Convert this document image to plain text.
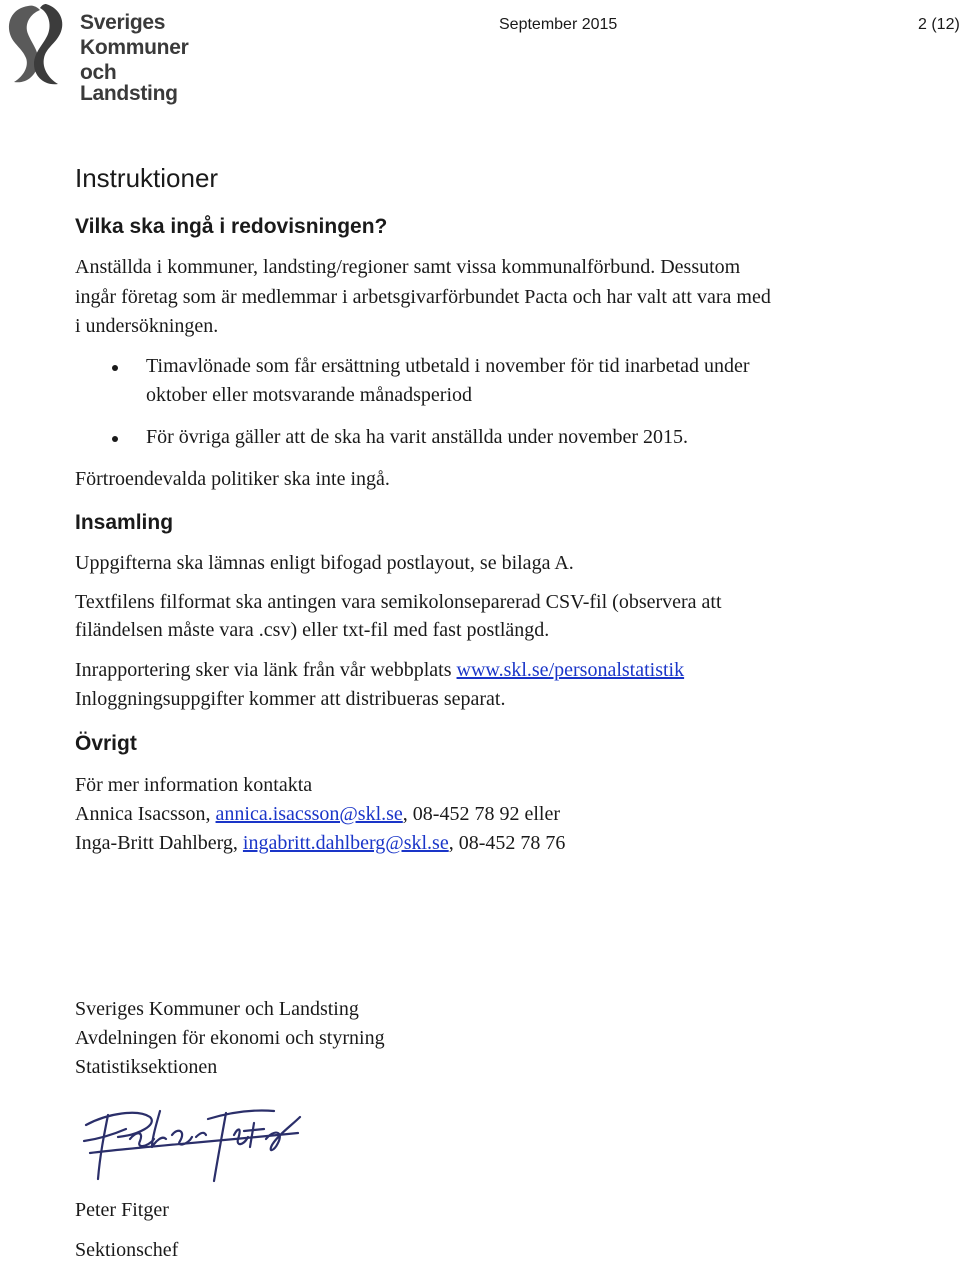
Sveriges
Kommuner
och Landsting
September 2015	2 (12)
Instruktioner
Vilka ska ingå i redovisningen?
Anställda i kommuner, landsting/regioner samt vissa kommunalförbund. Dessutom
ingår företag som är medlemmar i arbetsgivarförbundet Pacta och har valt att vara med
i undersökningen.
Timavlönade som får ersättning utbetald i november för tid inarbetad under
oktober eller motsvarande månadsperiod
För övriga gäller att de ska ha varit anställda under november 2015.
Förtroendevalda politiker ska inte ingå.
Insamling
Uppgifterna ska lämnas enligt bifogad postlayout, se bilaga A.
Textfilens filformat ska antingen vara semikolonseparerad CSV-fil (observera att
filändelsen måste vara .csv) eller txt-fil med fast postlängd.
Inrapportering sker via länk från vår webbplats www.skl.se/personalstatistik
Inloggningsuppgifter kommer att distribueras separat.
Övrigt
För mer information kontakta
Annica Isacsson, annica.isacsson@skl.se, 08-452 78 92 eller
Inga-Britt Dahlberg, ingabritt.dahlberg@skl.se, 08-452 78 76
Sveriges Kommuner och Landsting
Avdelningen för ekonomi och styrning
Statistiksektionen
Peter Fitger
Sektionschef
